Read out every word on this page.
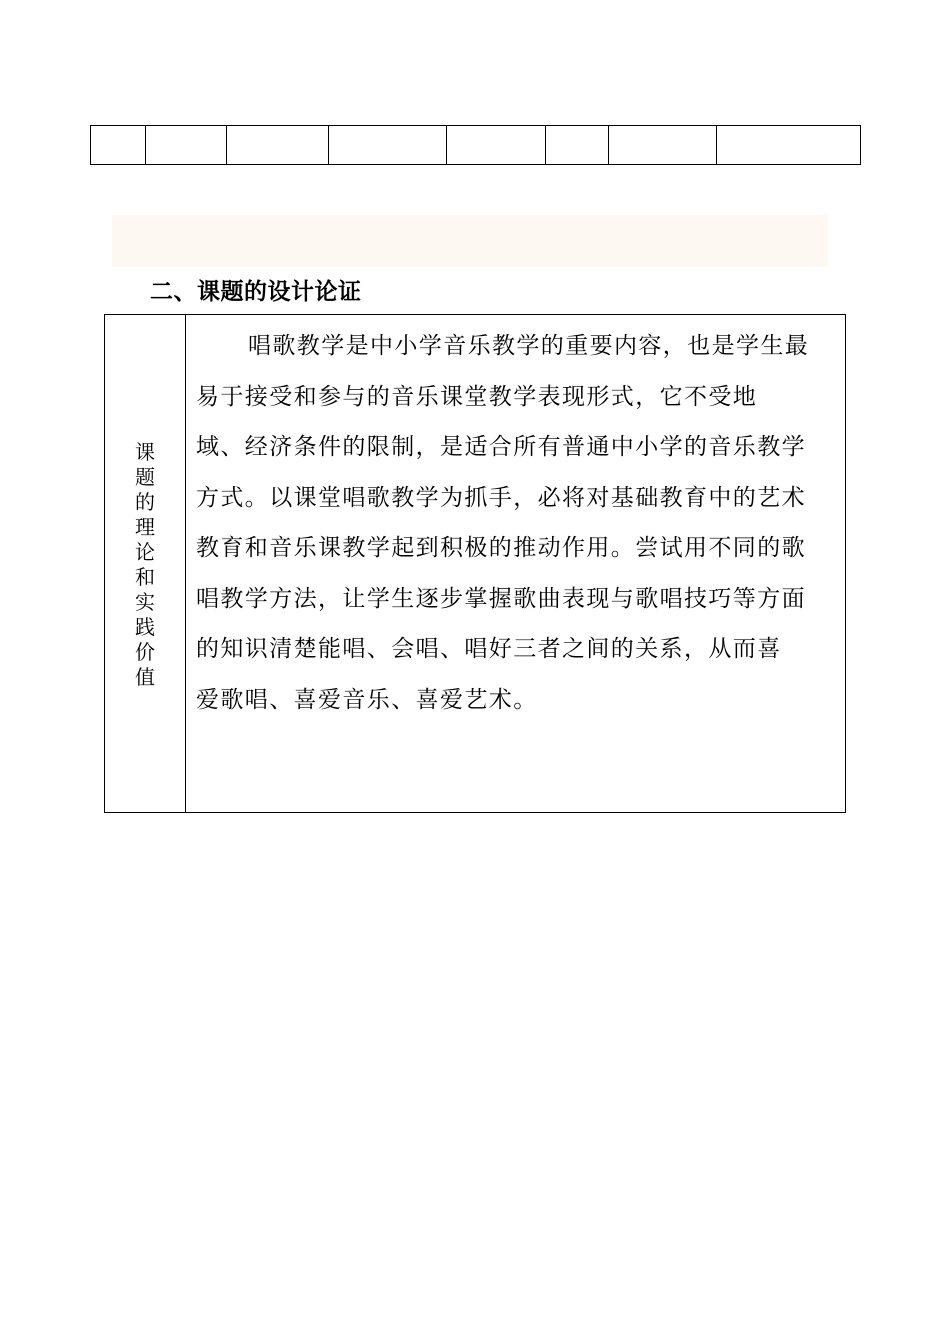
二、课题的设计论证
课
题
的
理
论
和
实
践
价
值
唱歌教学是中小学音乐教学的重要内容，也是学生最
易于接受和参与的音乐课堂教学表现形式，它不受地
域、经济条件的限制，是适合所有普通中小学的音乐教学
方式。以课堂唱歌教学为抓手，必将对基础教育中的艺术
教育和音乐课教学起到积极的推动作用。尝试用不同的歌
唱教学方法，让学生逐步掌握歌曲表现与歌唱技巧等方面
的知识清楚能唱、会唱、唱好三者之间的关系，从而喜
爱歌唱、喜爱音乐、喜爱艺术。
